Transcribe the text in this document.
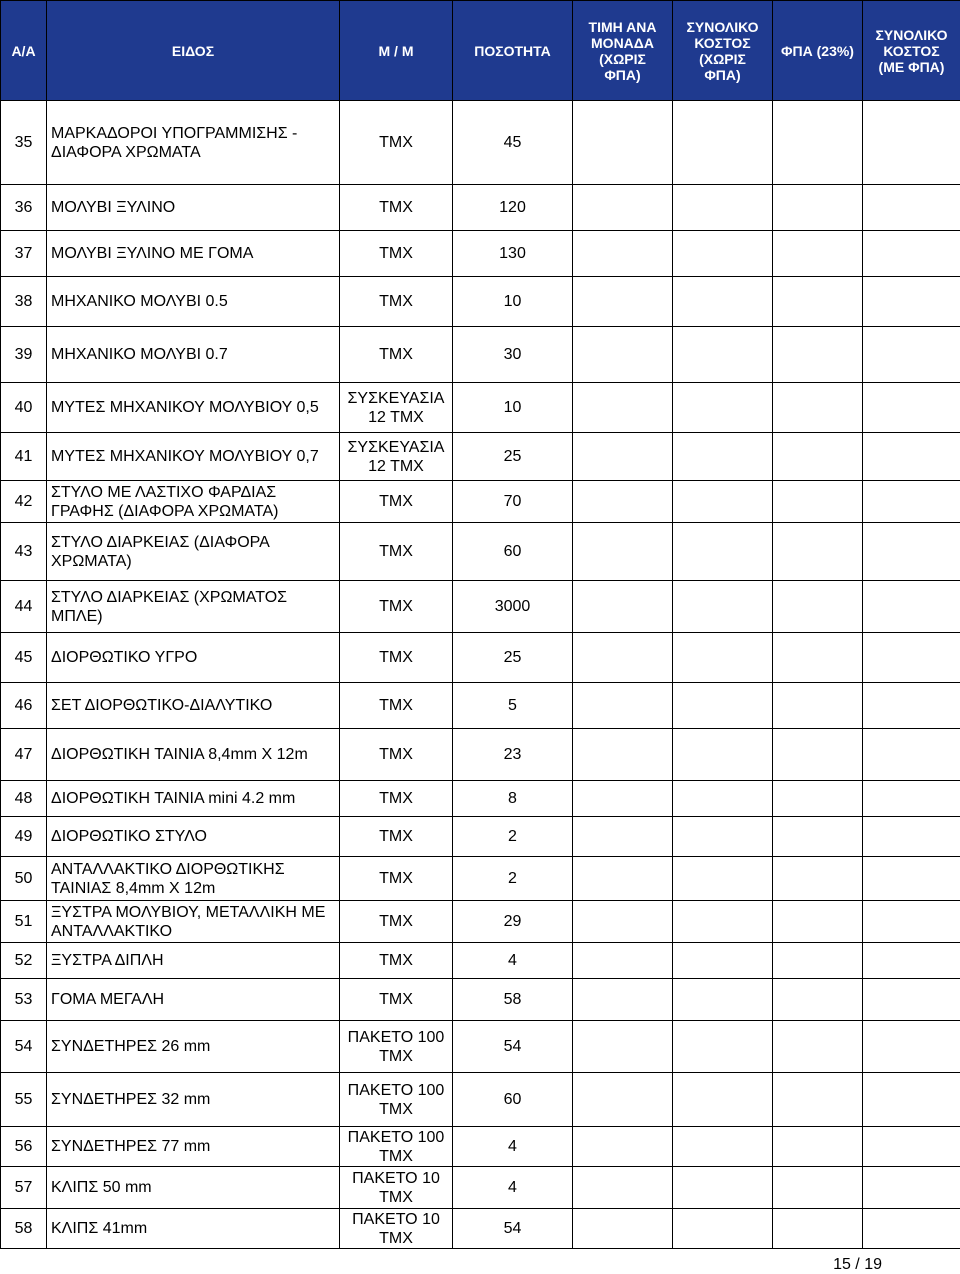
Α/Α	ΕΙΔΟΣ	Μ / Μ	ΠΟΣΟΤΗΤΑ	ΤΙΜΗ ΑΝΑ
ΜΟΝΑΔΑ
(ΧΩΡΙΣ
ΦΠΑ)	ΣΥΝΟΛΙΚΟ
ΚΟΣΤΟΣ
(ΧΩΡΙΣ
ΦΠΑ)	ΦΠΑ (23%)	ΣΥΝΟΛΙΚΟ
ΚΟΣΤΟΣ
(ΜΕ ΦΠΑ)
35	ΜΑΡΚΑΔΟΡΟΙ ΥΠΟΓΡΑΜΜΙΣΗΣ - ΔΙΑΦΟΡΑ ΧΡΩΜΑΤΑ	ΤΜΧ	45				
36	ΜΟΛΥΒΙ ΞΥΛΙΝΟ	ΤΜΧ	120				
37	ΜΟΛΥΒΙ ΞΥΛΙΝΟ ΜΕ ΓΟΜΑ	ΤΜΧ	130				
38	ΜΗΧΑΝΙΚΟ ΜΟΛΥΒΙ 0.5	ΤΜΧ	10				
39	ΜΗΧΑΝΙΚΟ ΜΟΛΥΒΙ 0.7	ΤΜΧ	30				
40	ΜΥΤΕΣ ΜΗΧΑΝΙΚΟΥ ΜΟΛΥΒΙΟΥ 0,5	ΣΥΣΚΕΥΑΣΙΑ
12 ΤΜΧ	10				
41	ΜΥΤΕΣ ΜΗΧΑΝΙΚΟΥ ΜΟΛΥΒΙΟΥ 0,7	ΣΥΣΚΕΥΑΣΙΑ
12 ΤΜΧ	25				
42	ΣΤΥΛΟ ΜΕ ΛΑΣΤΙΧΟ ΦΑΡΔΙΑΣ ΓΡΑΦΗΣ (ΔΙΑΦΟΡΑ ΧΡΩΜΑΤΑ)	ΤΜΧ	70				
43	ΣΤΥΛΟ ΔΙΑΡΚΕΙΑΣ (ΔΙΑΦΟΡΑ ΧΡΩΜΑΤΑ)	ΤΜΧ	60				
44	ΣΤΥΛΟ ΔΙΑΡΚΕΙΑΣ (ΧΡΩΜΑΤΟΣ ΜΠΛΕ)	ΤΜΧ	3000				
45	ΔΙΟΡΘΩΤΙΚΟ ΥΓΡΟ	ΤΜΧ	25				
46	ΣΕΤ ΔΙΟΡΘΩΤΙΚΟ-ΔΙΑΛΥΤΙΚΟ	ΤΜΧ	5				
47	ΔΙΟΡΘΩΤΙΚΗ ΤΑΙΝΙΑ 8,4mm X 12m	ΤΜΧ	23				
48	ΔΙΟΡΘΩΤΙΚΗ ΤΑΙΝΙΑ mini 4.2 mm	ΤΜΧ	8				
49	ΔΙΟΡΘΩΤΙΚΟ ΣΤΥΛΟ	ΤΜΧ	2				
50	ΑΝΤΑΛΛΑΚΤΙΚΟ ΔΙΟΡΘΩΤΙΚΗΣ ΤΑΙΝΙΑΣ 8,4mm X 12m	ΤΜΧ	2				
51	ΞΥΣΤΡΑ ΜΟΛΥΒΙΟΥ, ΜΕΤΑΛΛΙΚΗ ΜΕ ΑΝΤΑΛΛΑΚΤΙΚΟ	ΤΜΧ	29				
52	ΞΥΣΤΡΑ ΔΙΠΛΗ	ΤΜΧ	4				
53	ΓΟΜΑ ΜΕΓΑΛΗ	ΤΜΧ	58				
54	ΣΥΝΔΕΤΗΡΕΣ 26 mm	ΠΑΚΕΤΟ 100
ΤΜΧ	54				
55	ΣΥΝΔΕΤΗΡΕΣ 32 mm	ΠΑΚΕΤΟ 100
ΤΜΧ	60				
56	ΣΥΝΔΕΤΗΡΕΣ 77 mm	ΠΑΚΕΤΟ 100
ΤΜΧ	4				
57	ΚΛΙΠΣ 50 mm	ΠΑΚΕΤΟ 10
ΤΜΧ	4				
58	ΚΛΙΠΣ 41mm	ΠΑΚΕΤΟ 10
ΤΜΧ	54				
15 / 19
